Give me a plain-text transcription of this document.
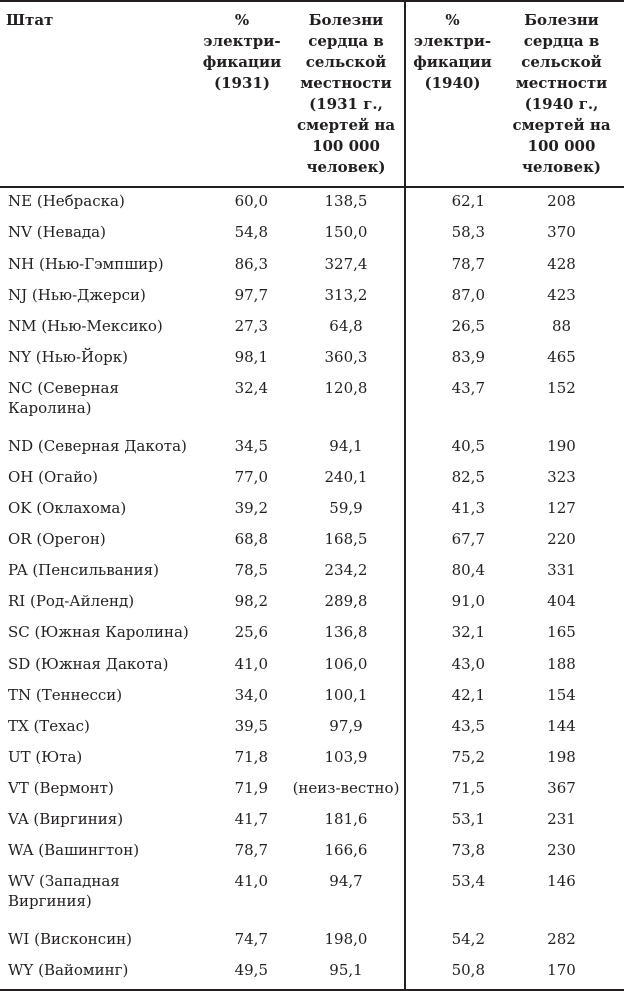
Штат	% электри-фикации (1931)	Болезни сердца в сельской местности (1931 г., смертей на 100 000 человек)	% электри-фикации (1940)	Болезни сердца в сельской местности (1940 г., смертей на 100 000 человек)
NE (Небраска)	60,0	138,5	62,1	208
NV (Невада)	54,8	150,0	58,3	370
NH (Нью-Гэмпшир)	86,3	327,4	78,7	428
NJ (Нью-Джерси)	97,7	313,2	87,0	423
NM (Нью-Мексико)	27,3	64,8	26,5	88
NY (Нью-Йорк)	98,1	360,3	83,9	465
NC (Северная Каролина)	32,4	120,8	43,7	152
ND (Северная Дакота)	34,5	94,1	40,5	190
OH (Огайо)	77,0	240,1	82,5	323
OK (Оклахома)	39,2	59,9	41,3	127
OR (Орегон)	68,8	168,5	67,7	220
PA (Пенсильвания)	78,5	234,2	80,4	331
RI (Род-Айленд)	98,2	289,8	91,0	404
SC (Южная Каролина)	25,6	136,8	32,1	165
SD (Южная Дакота)	41,0	106,0	43,0	188
TN (Теннесси)	34,0	100,1	42,1	154
TX (Техас)	39,5	97,9	43,5	144
UT (Юта)	71,8	103,9	75,2	198
VT (Вермонт)	71,9	(неиз-вестно)	71,5	367
VA (Виргиния)	41,7	181,6	53,1	231
WA (Вашингтон)	78,7	166,6	73,8	230
WV (Западная Виргиния)	41,0	94,7	53,4	146
WI (Висконсин)	74,7	198,0	54,2	282
WY (Вайоминг)	49,5	95,1	50,8	170
